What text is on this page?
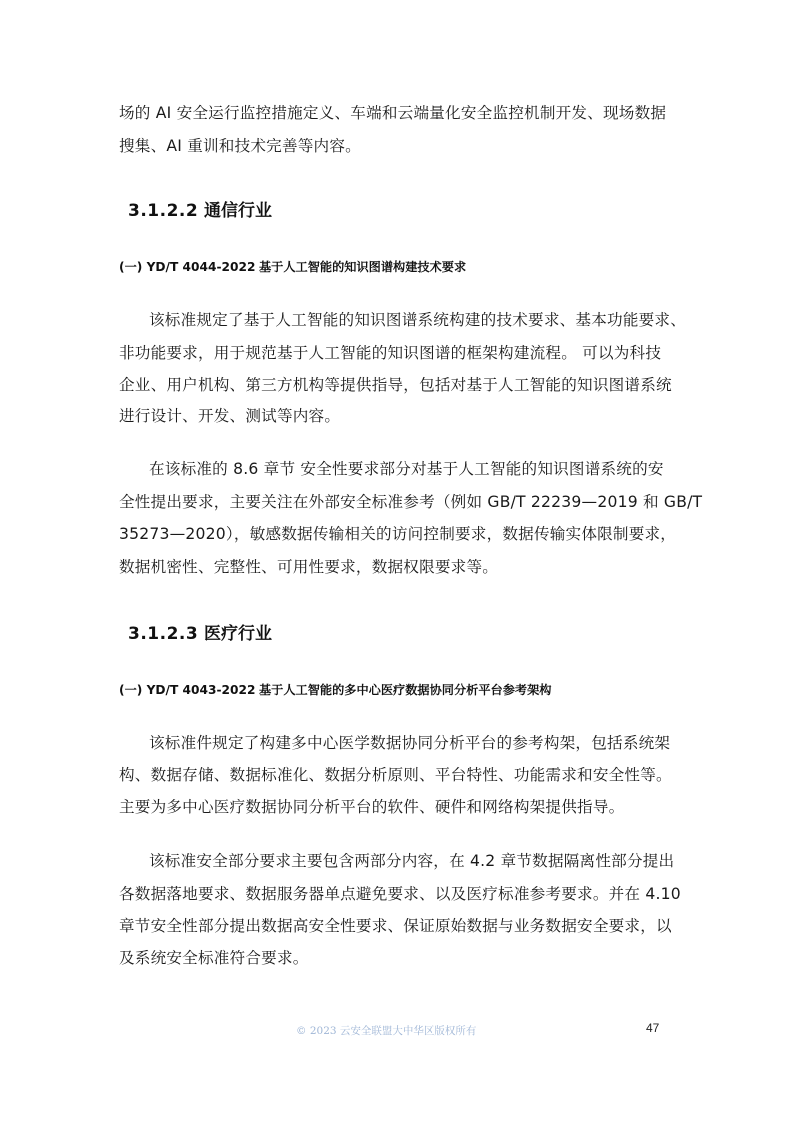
场的 AI 安全运行监控措施定义、车端和云端量化安全监控机制开发、现场数据
搜集、AI 重训和技术完善等内容。
3.1.2.2 通信行业
(一) YD/T 4044-2022 基于人工智能的知识图谱构建技术要求
该标准规定了基于人工智能的知识图谱系统构建的技术要求、基本功能要求、
非功能要求，用于规范基于人工智能的知识图谱的框架构建流程。 可以为科技
企业、用户机构、第三方机构等提供指导，包括对基于人工智能的知识图谱系统
进行设计、开发、测试等内容。
在该标准的 8.6 章节 安全性要求部分对基于人工智能的知识图谱系统的安
全性提出要求，主要关注在外部安全标准参考（例如 GB/T 22239—2019 和 GB/T
35273—2020），敏感数据传输相关的访问控制要求，数据传输实体限制要求，
数据机密性、完整性、可用性要求，数据权限要求等。
3.1.2.3 医疗行业
(一) YD/T 4043-2022 基于人工智能的多中心医疗数据协同分析平台参考架构
该标准件规定了构建多中心医学数据协同分析平台的参考构架，包括系统架
构、数据存储、数据标准化、数据分析原则、平台特性、功能需求和安全性等。
主要为多中心医疗数据协同分析平台的软件、硬件和网络构架提供指导。
该标准安全部分要求主要包含两部分内容，在 4.2 章节数据隔离性部分提出
各数据落地要求、数据服务器单点避免要求、以及医疗标准参考要求。并在 4.10
章节安全性部分提出数据高安全性要求、保证原始数据与业务数据安全要求，以
及系统安全标准符合要求。
© 2023 云安全联盟大中华区版权所有	47
